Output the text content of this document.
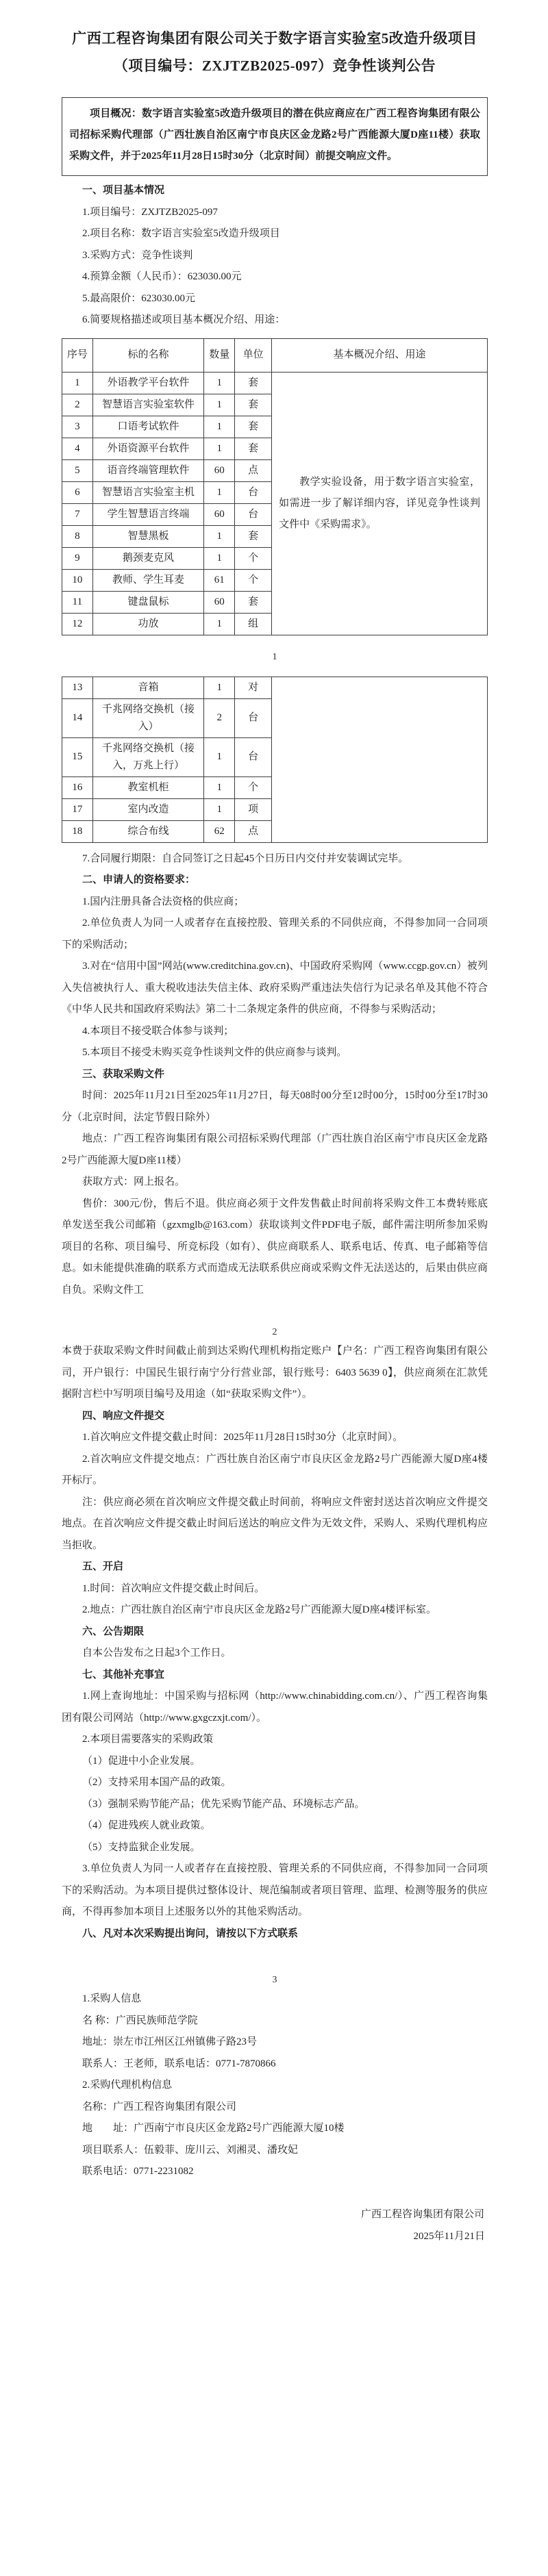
广西工程咨询集团有限公司关于数字语言实验室5改造升级项目
（项目编号：ZXJTZB2025-097）竞争性谈判公告

项目概况：数字语言实验室5改造升级项目的潜在供应商应在广西工程咨询集团有限公司招标采购代理部（广西壮族自治区南宁市良庆区金龙路2号广西能源大厦D座11楼）获取采购文件，并于2025年11月28日15时30分（北京时间）前提交响应文件。

一、项目基本情况

1.项目编号：ZXJTZB2025-097

2.项目名称：数字语言实验室5改造升级项目

3.采购方式：竞争性谈判

4.预算金额（人民币）：623030.00元

5.最高限价：623030.00元

6.简要规格描述或项目基本概况介绍、用途：

序号	标的名称	数量	单位	基本概况介绍、用途
1	外语教学平台软件	1	套	教学实验设备，用于数字语言实验室，如需进一步了解详细内容，详见竞争性谈判文件中《采购需求》。

2	智慧语言实验室软件	1	套	
3	口语考试软件	1	套	
4	外语资源平台软件	1	套	
5	语音终端管理软件	60	点	
6	智慧语言实验室主机	1	台	
7	学生智慧语言终端	60	台	
8	智慧黑板	1	套	
9	鹅颈麦克风	1	个	
10	教师、学生耳麦	61	个	
11	键盘鼠标	60	套	
12	功放	1	组	
1
13	音箱	1	对	
14	千兆网络交换机（接入）	2	台	
15	千兆网络交换机（接入，万兆上行）	1	台	
16	教室机柜	1	个	
17	室内改造	1	项	
18	综合布线	62	点	

7.合同履行期限：自合同签订之日起45个日历日内交付并安装调试完毕。

二、申请人的资格要求：

1.国内注册具备合法资格的供应商；

2.单位负责人为同一人或者存在直接控股、管理关系的不同供应商，不得参加同一合同项下的采购活动；

3.对在“信用中国”网站(www.creditchina.gov.cn)、中国政府采购网（www.ccgp.gov.cn）被列入失信被执行人、重大税收违法失信主体、政府采购严重违法失信行为记录名单及其他不符合《中华人民共和国政府采购法》第二十二条规定条件的供应商，不得参与采购活动；

4.本项目不接受联合体参与谈判；

5.本项目不接受未购买竞争性谈判文件的供应商参与谈判。

三、获取采购文件

时间：2025年11月21日至2025年11月27日，每天08时00分至12时00分，15时00分至17时30分（北京时间，法定节假日除外）

地点：广西工程咨询集团有限公司招标采购代理部（广西壮族自治区南宁市良庆区金龙路2号广西能源大厦D座11楼）

获取方式：网上报名。

售价：300元/份，售后不退。供应商必须于文件发售截止时间前将采购文件工本费转账底单发送至我公司邮箱（gzxmglb@163.com）获取谈判文件PDF电子版，邮件需注明所参加采购项目的名称、项目编号、所竞标段（如有）、供应商联系人、联系电话、传真、电子邮箱等信息。如未能提供准确的联系方式而造成无法联系供应商或采购文件无法送达的，后果由供应商自负。采购文件工

2

本费于获取采购文件时间截止前到达采购代理机构指定账户【户名：广西工程咨询集团有限公司，开户银行：中国民生银行南宁分行营业部，银行账号：6403 5639 0】，供应商须在汇款凭据附言栏中写明项目编号及用途（如“获取采购文件”）。

四、响应文件提交

1.首次响应文件提交截止时间：2025年11月28日15时30分（北京时间）。

2.首次响应文件提交地点：广西壮族自治区南宁市良庆区金龙路2号广西能源大厦D座4楼开标厅。

注：供应商必须在首次响应文件提交截止时间前，将响应文件密封送达首次响应文件提交地点。在首次响应文件提交截止时间后送达的响应文件为无效文件，采购人、采购代理机构应当拒收。

五、开启

1.时间：首次响应文件提交截止时间后。

2.地点：广西壮族自治区南宁市良庆区金龙路2号广西能源大厦D座4楼评标室。

六、公告期限

自本公告发布之日起3个工作日。

七、其他补充事宜

1.网上查询地址：中国采购与招标网（http://www.chinabidding.com.cn/）、广西工程咨询集团有限公司网站（http://www.gxgczxjt.com/）。

2.本项目需要落实的采购政策

（1）促进中小企业发展。

（2）支持采用本国产品的政策。

（3）强制采购节能产品；优先采购节能产品、环境标志产品。

（4）促进残疾人就业政策。

（5）支持监狱企业发展。

3.单位负责人为同一人或者存在直接控股、管理关系的不同供应商，不得参加同一合同项下的采购活动。为本项目提供过整体设计、规范编制或者项目管理、监理、检测等服务的供应商，不得再参加本项目上述服务以外的其他采购活动。

八、凡对本次采购提出询问，请按以下方式联系

3

1.采购人信息

名 称：广西民族师范学院

地址：崇左市江州区江州镇佛子路23号

联系人：王老师，联系电话：0771-7870866

2.采购代理机构信息

名称：广西工程咨询集团有限公司

地　　址：广西南宁市良庆区金龙路2号广西能源大厦10楼

项目联系人：伍毅菲、庞川云、刘湘灵、潘玫妃

联系电话：0771-2231082

广西工程咨询集团有限公司
2025年11月21日
